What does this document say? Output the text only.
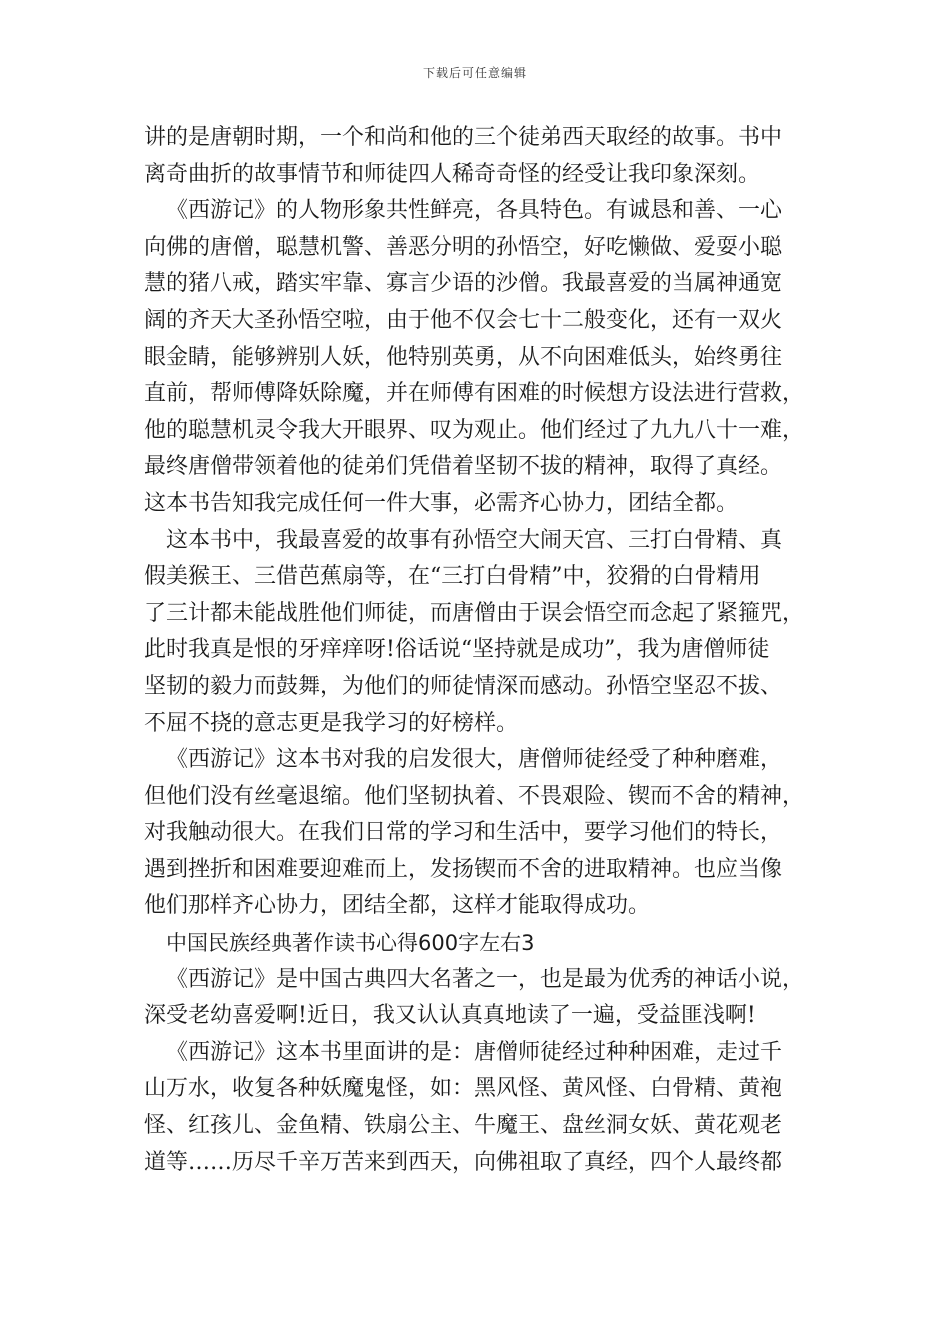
下载后可任意编辑
讲的是唐朝时期，一个和尚和他的三个徒弟西天取经的故事。书中
离奇曲折的故事情节和师徒四人稀奇奇怪的经受让我印象深刻。
《西游记》的人物形象共性鲜亮，各具特色。有诚恳和善、一心
向佛的唐僧，聪慧机警、善恶分明的孙悟空，好吃懒做、爱耍小聪
慧的猪八戒，踏实牢靠、寡言少语的沙僧。我最喜爱的当属神通宽
阔的齐天大圣孙悟空啦，由于他不仅会七十二般变化，还有一双火
眼金睛，能够辨别人妖，他特别英勇，从不向困难低头，始终勇往
直前，帮师傅降妖除魔，并在师傅有困难的时候想方设法进行营救，
他的聪慧机灵令我大开眼界、叹为观止。他们经过了九九八十一难，
最终唐僧带领着他的徒弟们凭借着坚韧不拔的精神，取得了真经。
这本书告知我完成任何一件大事，必需齐心协力，团结全都。
这本书中，我最喜爱的故事有孙悟空大闹天宫、三打白骨精、真
假美猴王、三借芭蕉扇等，在“三打白骨精”中，狡猾的白骨精用
了三计都未能战胜他们师徒，而唐僧由于误会悟空而念起了紧箍咒，
此时我真是恨的牙痒痒呀!俗话说“坚持就是成功”，我为唐僧师徒
坚韧的毅力而鼓舞，为他们的师徒情深而感动。孙悟空坚忍不拔、
不屈不挠的意志更是我学习的好榜样。
《西游记》这本书对我的启发很大，唐僧师徒经受了种种磨难，
但他们没有丝毫退缩。他们坚韧执着、不畏艰险、锲而不舍的精神，
对我触动很大。在我们日常的学习和生活中，要学习他们的特长，
遇到挫折和困难要迎难而上，发扬锲而不舍的进取精神。也应当像
他们那样齐心协力，团结全都，这样才能取得成功。
中国民族经典著作读书心得600字左右3
《西游记》是中国古典四大名著之一，也是最为优秀的神话小说，
深受老幼喜爱啊!近日，我又认认真真地读了一遍，受益匪浅啊!
《西游记》这本书里面讲的是：唐僧师徒经过种种困难，走过千
山万水，收复各种妖魔鬼怪，如：黑风怪、黄风怪、白骨精、黄袍
怪、红孩儿、金鱼精、铁扇公主、牛魔王、盘丝洞女妖、黄花观老
道等……历尽千辛万苦来到西天，向佛祖取了真经，四个人最终都
